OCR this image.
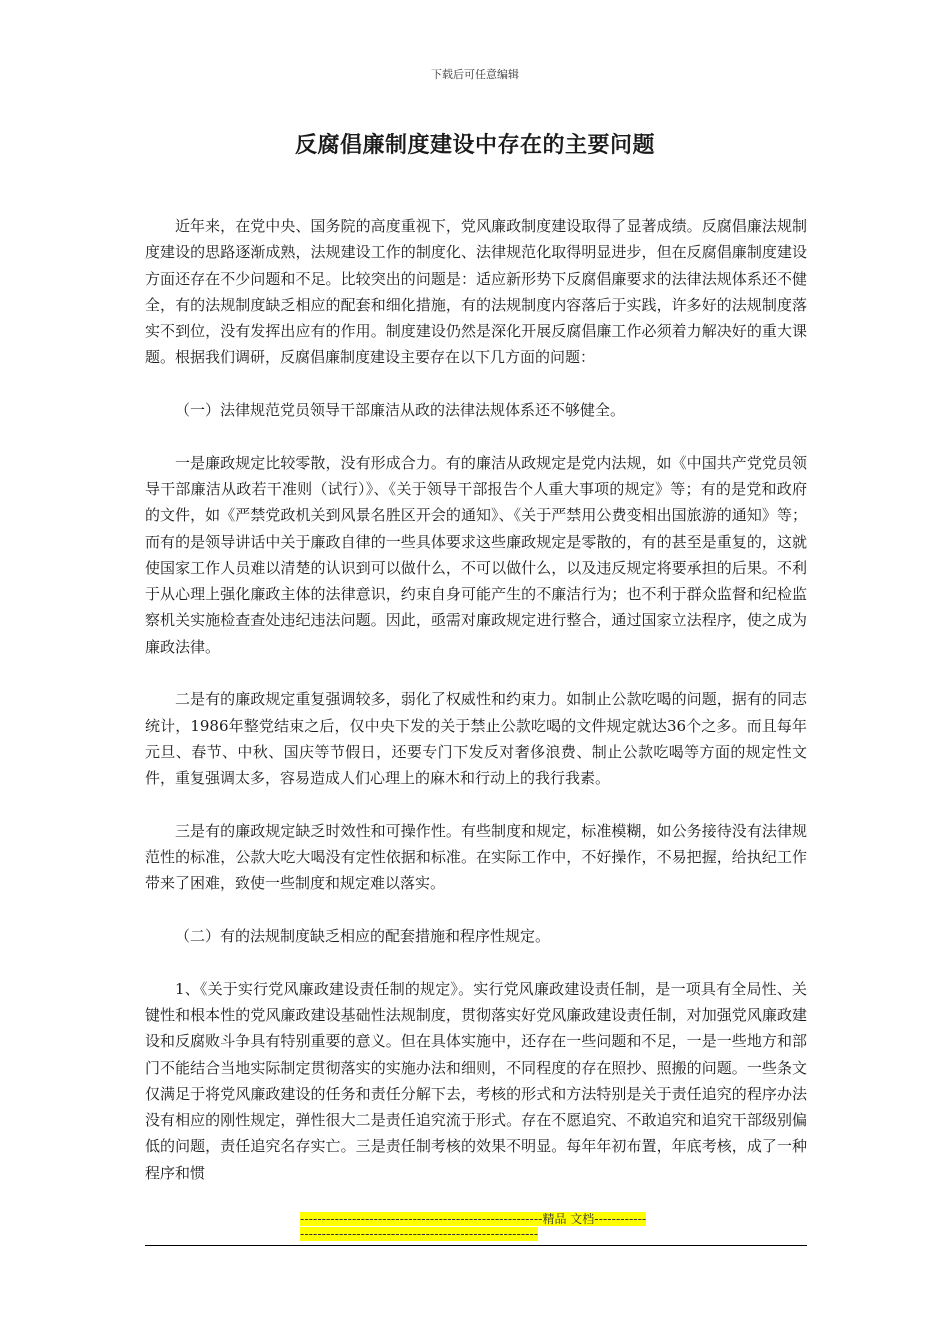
下载后可任意编辑
反腐倡廉制度建设中存在的主要问题

近年来，在党中央、国务院的高度重视下，党风廉政制度建设取得了显著成绩。反腐倡廉法规制度建设的思路逐渐成熟，法规建设工作的制度化、法律规范化取得明显进步，但在反腐倡廉制度建设方面还存在不少问题和不足。比较突出的问题是：适应新形势下反腐倡廉要求的法律法规体系还不健全，有的法规制度缺乏相应的配套和细化措施，有的法规制度内容落后于实践，许多好的法规制度落实不到位，没有发挥出应有的作用。制度建设仍然是深化开展反腐倡廉工作必须着力解决好的重大课题。根据我们调研，反腐倡廉制度建设主要存在以下几方面的问题：

（一）法律规范党员领导干部廉洁从政的法律法规体系还不够健全。

一是廉政规定比较零散，没有形成合力。有的廉洁从政规定是党内法规，如《中国共产党党员领导干部廉洁从政若干准则（试行）》、《关于领导干部报告个人重大事项的规定》等；有的是党和政府的文件，如《严禁党政机关到风景名胜区开会的通知》、《关于严禁用公费变相出国旅游的通知》等；而有的是领导讲话中关于廉政自律的一些具体要求这些廉政规定是零散的，有的甚至是重复的，这就使国家工作人员难以清楚的认识到可以做什么，不可以做什么，以及违反规定将要承担的后果。不利于从心理上强化廉政主体的法律意识，约束自身可能产生的不廉洁行为；也不利于群众监督和纪检监察机关实施检查查处违纪违法问题。因此，亟需对廉政规定进行整合，通过国家立法程序，使之成为廉政法律。

二是有的廉政规定重复强调较多，弱化了权威性和约束力。如制止公款吃喝的问题，据有的同志统计，1986年整党结束之后，仅中央下发的关于禁止公款吃喝的文件规定就达36个之多。而且每年元旦、春节、中秋、国庆等节假日，还要专门下发反对奢侈浪费、制止公款吃喝等方面的规定性文件，重复强调太多，容易造成人们心理上的麻木和行动上的我行我素。

三是有的廉政规定缺乏时效性和可操作性。有些制度和规定，标准模糊，如公务接待没有法律规范性的标准，公款大吃大喝没有定性依据和标准。在实际工作中，不好操作，不易把握，给执纪工作带来了困难，致使一些制度和规定难以落实。

（二）有的法规制度缺乏相应的配套措施和程序性规定。

1、《关于实行党风廉政建设责任制的规定》。实行党风廉政建设责任制，是一项具有全局性、关键性和根本性的党风廉政建设基础性法规制度，贯彻落实好党风廉政建设责任制，对加强党风廉政建设和反腐败斗争具有特别重要的意义。但在具体实施中，还存在一些问题和不足，一是一些地方和部门不能结合当地实际制定贯彻落实的实施办法和细则，不同程度的存在照抄、照搬的问题。一些条文仅满足于将党风廉政建设的任务和责任分解下去，考核的形式和方法特别是关于责任追究的程序办法没有相应的刚性规定，弹性很大二是责任追究流于形式。存在不愿追究、不敢追究和追究干部级别偏低的问题，责任追究名存实亡。三是责任制考核的效果不明显。每年年初布置，年底考核，成了一种程序和惯

--------------------------------------------------------精品 文档-------------------------------------------------------------------
